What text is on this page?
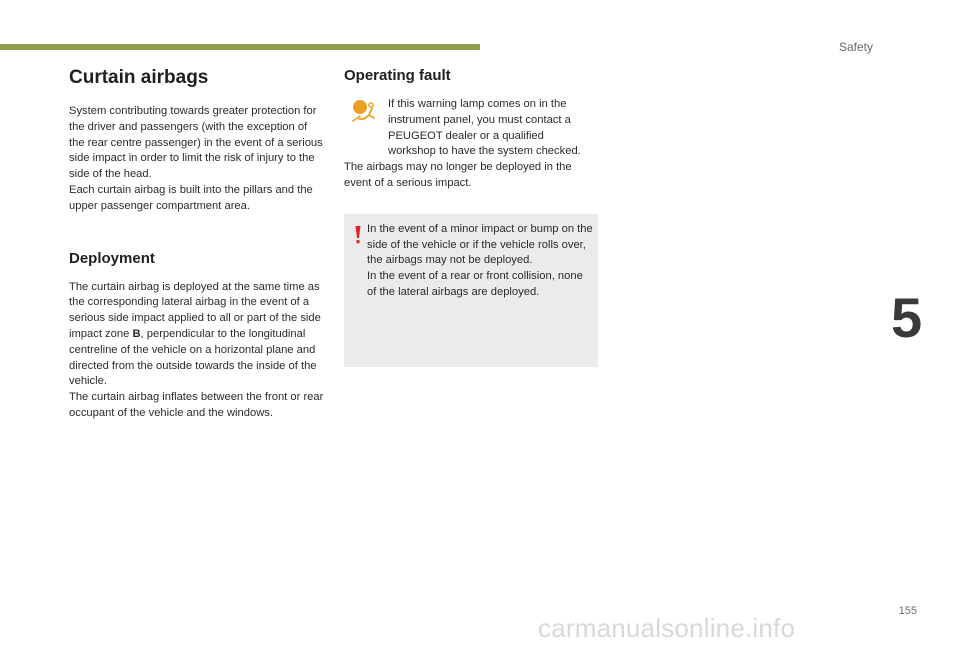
Safety
5
155
Curtain airbags

System contributing towards greater protection for the driver and passengers (with the exception of the rear centre passenger) in the event of a serious side impact in order to limit the risk of injury to the side of the head.

Each curtain airbag is built into the pillars and the upper passenger compartment area.

Deployment

The curtain airbag is deployed at the same time as the corresponding lateral airbag in the event of a serious side impact applied to all or part of the side impact zone B, perpendicular to the longitudinal centreline of the vehicle on a horizontal plane and directed from the outside towards the inside of the vehicle.

The curtain airbag inflates between the front or rear occupant of the vehicle and the windows.

Operating fault

If this warning lamp comes on in the instrument panel, you must contact a PEUGEOT dealer or a qualified workshop to have the system checked.

The airbags may no longer be deployed in the event of a serious impact.

In the event of a minor impact or bump on the side of the vehicle or if the vehicle rolls over, the airbags may not be deployed.

In the event of a rear or front collision, none of the lateral airbags are deployed.

carmanualsonline.info
